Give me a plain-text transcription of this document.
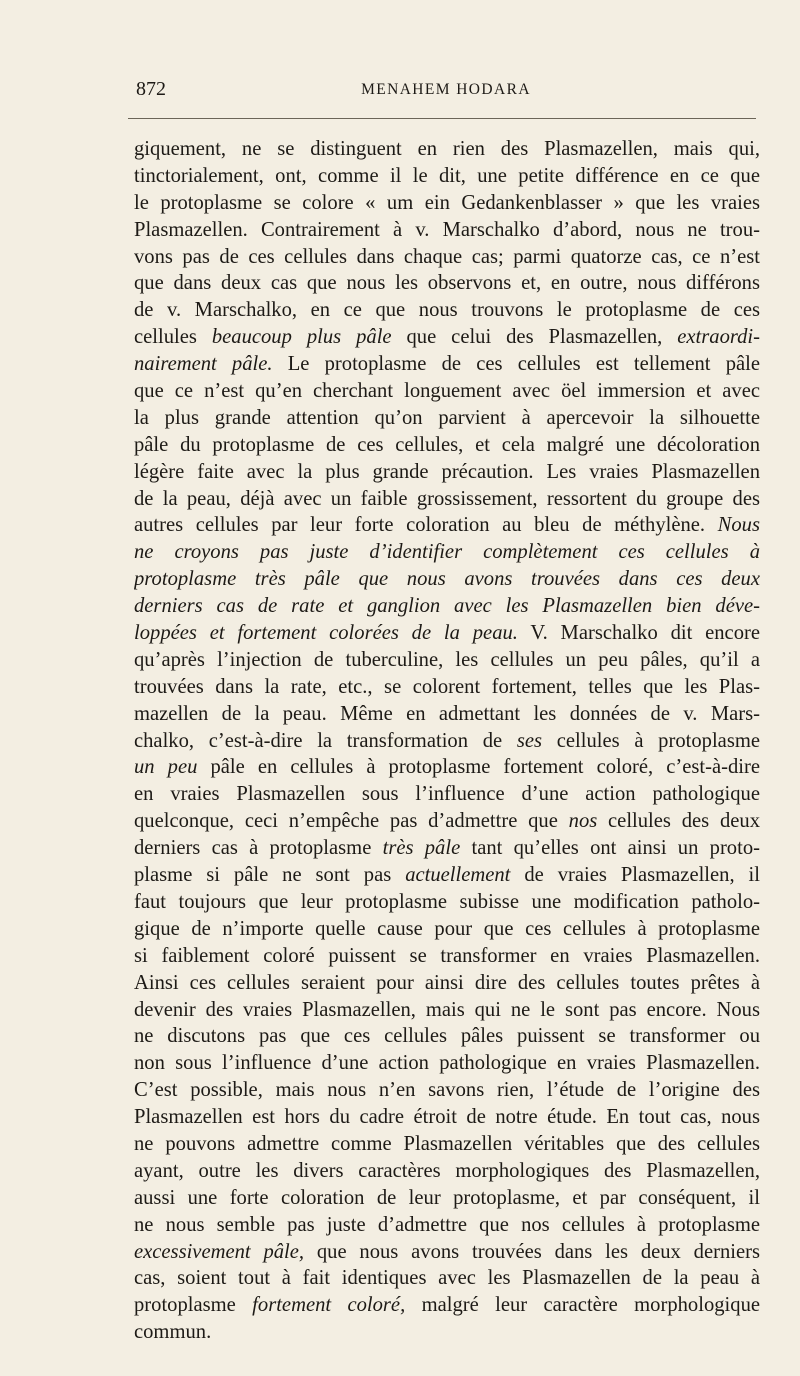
872	MENAHEM HODARA
giquement, ne se distinguent en rien des Plasmazellen, mais qui,
tinctorialement, ont, comme il le dit, une petite différence en ce que
le protoplasme se colore « um ein Gedankenblasser » que les vraies
Plasmazellen. Contrairement à v. Marschalko d’abord, nous ne trou-
vons pas de ces cellules dans chaque cas; parmi quatorze cas, ce n’est
que dans deux cas que nous les observons et, en outre, nous différons
de v. Marschalko, en ce que nous trouvons le protoplasme de ces
cellules beaucoup plus pâle que celui des Plasmazellen, extraordi-
nairement pâle. Le protoplasme de ces cellules est tellement pâle
que ce n’est qu’en cherchant longuement avec öel immersion et avec
la plus grande attention qu’on parvient à apercevoir la silhouette
pâle du protoplasme de ces cellules, et cela malgré une décoloration
légère faite avec la plus grande précaution. Les vraies Plasmazellen
de la peau, déjà avec un faible grossissement, ressortent du groupe des
autres cellules par leur forte coloration au bleu de méthylène. Nous
ne croyons pas juste d’identifier complètement ces cellules à
protoplasme très pâle que nous avons trouvées dans ces deux
derniers cas de rate et ganglion avec les Plasmazellen bien déve-
loppées et fortement colorées de la peau. V. Marschalko dit encore
qu’après l’injection de tuberculine, les cellules un peu pâles, qu’il a
trouvées dans la rate, etc., se colorent fortement, telles que les Plas-
mazellen de la peau. Même en admettant les données de v. Mars-
chalko, c’est-à-dire la transformation de ses cellules à protoplasme
un peu pâle en cellules à protoplasme fortement coloré, c’est-à-dire
en vraies Plasmazellen sous l’influence d’une action pathologique
quelconque, ceci n’empêche pas d’admettre que nos cellules des deux
derniers cas à protoplasme très pâle tant qu’elles ont ainsi un proto-
plasme si pâle ne sont pas actuellement de vraies Plasmazellen, il
faut toujours que leur protoplasme subisse une modification patholo-
gique de n’importe quelle cause pour que ces cellules à protoplasme
si faiblement coloré puissent se transformer en vraies Plasmazellen.
Ainsi ces cellules seraient pour ainsi dire des cellules toutes prêtes à
devenir des vraies Plasmazellen, mais qui ne le sont pas encore. Nous
ne discutons pas que ces cellules pâles puissent se transformer ou
non sous l’influence d’une action pathologique en vraies Plasmazellen.
C’est possible, mais nous n’en savons rien, l’étude de l’origine des
Plasmazellen est hors du cadre étroit de notre étude. En tout cas, nous
ne pouvons admettre comme Plasmazellen véritables que des cellules
ayant, outre les divers caractères morphologiques des Plasmazellen,
aussi une forte coloration de leur protoplasme, et par conséquent, il
ne nous semble pas juste d’admettre que nos cellules à protoplasme
excessivement pâle, que nous avons trouvées dans les deux derniers
cas, soient tout à fait identiques avec les Plasmazellen de la peau à
protoplasme fortement coloré, malgré leur caractère morphologique
commun.
